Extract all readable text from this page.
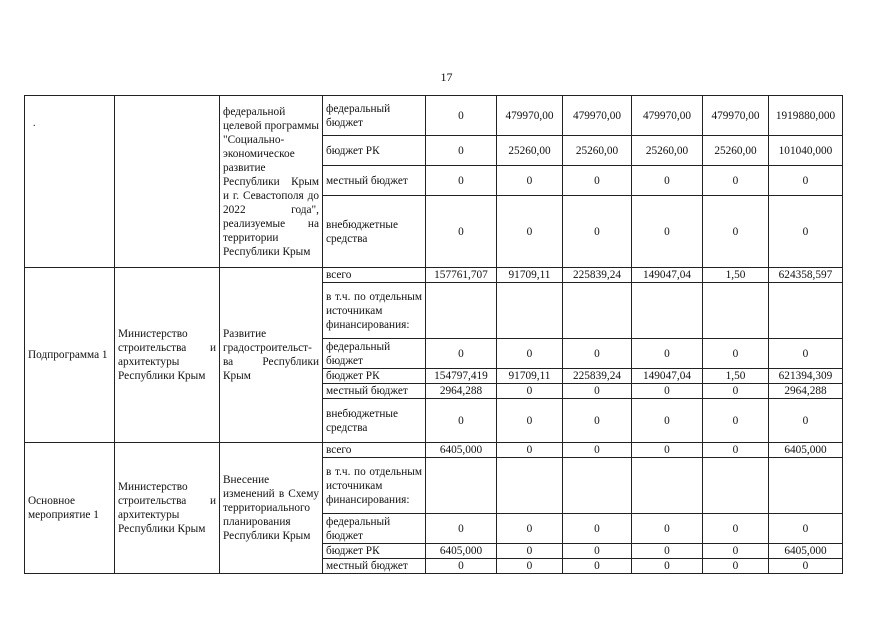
17
.
		федеральной целевой программы "Социально-экономическое развитие Республики Крым и г. Севастополя до 2022 года", реализуемые на территории Республики Крым	федеральный бюджет	0	479970,00	479970,00	479970,00	479970,00	1919880,000
			бюджет РК	0	25260,00	25260,00	25260,00	25260,00	101040,000
			местный бюджет	0	0	0	0	0	0
			внебюджетные средства	0	0	0	0	0	0
Подпрограмма 1	Министерство строительства и архитектуры Республики Крым	Развитие градостроительст-ва Республики Крым	всего	157761,707	91709,11	225839,24	149047,04	1,50	624358,597
			в т.ч. по отдельным источникам финансирования:						
			федеральный бюджет	0	0	0	0	0	0
			бюджет РК	154797,419	91709,11	225839,24	149047,04	1,50	621394,309
			местный бюджет	2964,288	0	0	0	0	2964,288
			внебюджетные средства	0	0	0	0	0	0
Основное мероприятие 1	Министерство строительства и архитектуры Республики Крым	Внесение изменений в Схему территориального планирования Республики Крым	всего	6405,000	0	0	0	0	6405,000
			в т.ч. по отдельным источникам финансирования:						
			федеральный бюджет	0	0	0	0	0	0
			бюджет РК	6405,000	0	0	0	0	6405,000
			местный бюджет	0	0	0	0	0	0
